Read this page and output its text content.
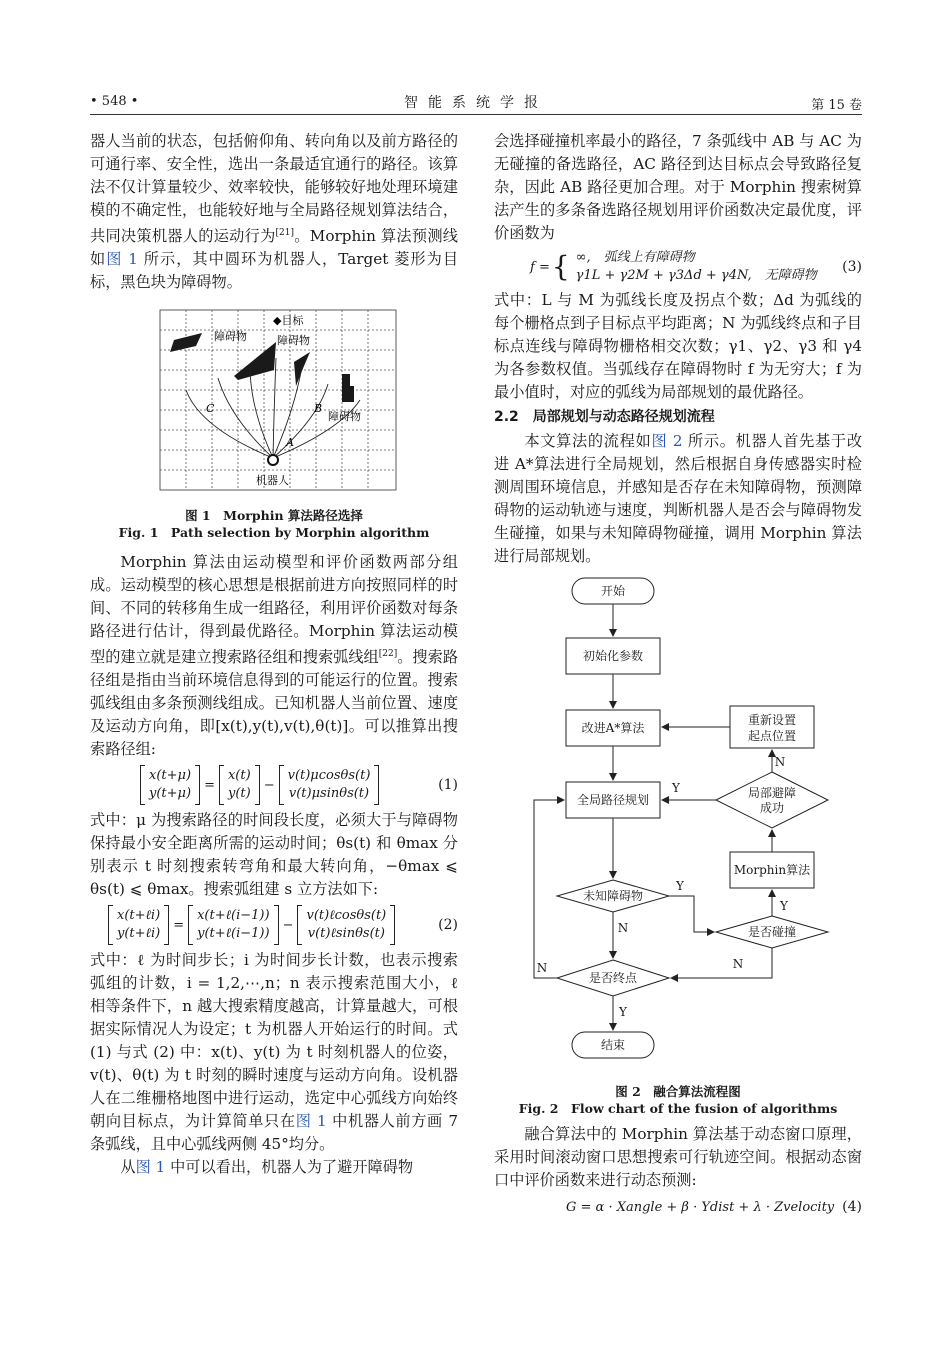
• 548 •	智能系统学报	第 15 卷

器人当前的状态，包括俯仰角、转向角以及前方路径的可通行率、安全性，选出一条最适宜通行的路径。该算法不仅计算量较少、效率较快，能够较好地处理环境建模的不确定性，也能较好地与全局路径规划算法结合，共同决策机器人的运动行为[21]。Morphin 算法预测线如图 1 所示，其中圆环为机器人，Target 菱形为目标，黑色块为障碍物。

障碍物
◆目标
障碍物
障碍物
机器人
A
B
C
图 1　Morphin 算法路径选择
Fig. 1　Path selection by Morphin algorithm

Morphin 算法由运动模型和评价函数两部分组成。运动模型的核心思想是根据前进方向按照同样的时间、不同的转移角生成一组路径，利用评价函数对每条路径进行估计，得到最优路径。Morphin 算法运动模型的建立就是建立搜索路径组和搜索弧线组[22]。搜索路径组是指由当前环境信息得到的可能运行的位置。搜索弧线组由多条预测线组成。已知机器人当前位置、速度及运动方向角，即[x(t),y(t),v(t),θ(t)]。可以推算出搜索路径组:

x(t+μ)
y(t+μ)
=
x(t)
y(t)
−
v(t)μcosθs(t)
v(t)μsinθs(t)
(1)

式中：μ 为搜索路径的时间段长度，必须大于与障碍物保持最小安全距离所需的运动时间；θs(t) 和 θmax 分别表示 t 时刻搜索转弯角和最大转向角，−θmax ⩽ θs(t) ⩽ θmax。搜索弧组建 s 立方法如下:

x(t+ℓi)
y(t+ℓi)
=
x(t+ℓ(i−1))
y(t+ℓ(i−1))
−
v(t)ℓcosθs(t)
v(t)ℓsinθs(t)
(2)

式中：ℓ 为时间步长；i 为时间步长计数，也表示搜索弧组的计数，i = 1,2,⋯,n；n 表示搜索范围大小，ℓ 相等条件下，n 越大搜索精度越高，计算量越大，可根据实际情况人为设定；t 为机器人开始运行的时间。式 (1) 与式 (2) 中：x(t)、y(t) 为 t 时刻机器人的位姿，v(t)、θ(t) 为 t 时刻的瞬时速度与运动方向角。设机器人在二维栅格地图中进行运动，选定中心弧线方向始终朝向目标点，为计算简单只在图 1 中机器人前方画 7 条弧线，且中心弧线两侧 45°均分。

从图 1 中可以看出，机器人为了避开障碍物

会选择碰撞机率最小的路径，7 条弧线中 AB 与 AC 为无碰撞的备选路径，AC 路径到达目标点会导致路径复杂，因此 AB 路径更加合理。对于 Morphin 搜索树算法产生的多条备选路径规划用评价函数决定最优度，评价函数为

f = { ∞,　弧线上有障碍物
γ1L + γ2M + γ3Δd + γ4N,　无障碍物
(3)

式中：L 与 M 为弧线长度及拐点个数；Δd 为弧线的每个栅格点到子目标点平均距离；N 为弧线终点和子目标点连线与障碍物栅格相交次数；γ1、γ2、γ3 和 γ4 为各参数权值。当弧线存在障碍物时 f 为无穷大；f 为最小值时，对应的弧线为局部规划的最优路径。

2.2　局部规划与动态路径规划流程

本文算法的流程如图 2 所示。机器人首先基于改进 A*算法进行全局规划，然后根据自身传感器实时检测周围环境信息，并感知是否存在未知障碍物，预测障碍物的运动轨迹与速度，判断机器人是否会与障碍物发生碰撞，如果与未知障碍物碰撞，调用 Morphin 算法进行局部规划。

开始
初始化参数
改进A*算法
重新设置
起点位置
全局路径规划	局部避障
成功
Morphin算法
未知障碍物
是否碰撞
是否终点
结束
Y
N
Y
Y
N
N
N
Y
图 2　融合算法流程图
Fig. 2　Flow chart of the fusion of algorithms

融合算法中的 Morphin 算法基于动态窗口原理，采用时间滚动窗口思想搜索可行轨迹空间。根据动态窗口中评价函数来进行动态预测:

G = α · Xangle + β · Ydist + λ · Zvelocity (4)
